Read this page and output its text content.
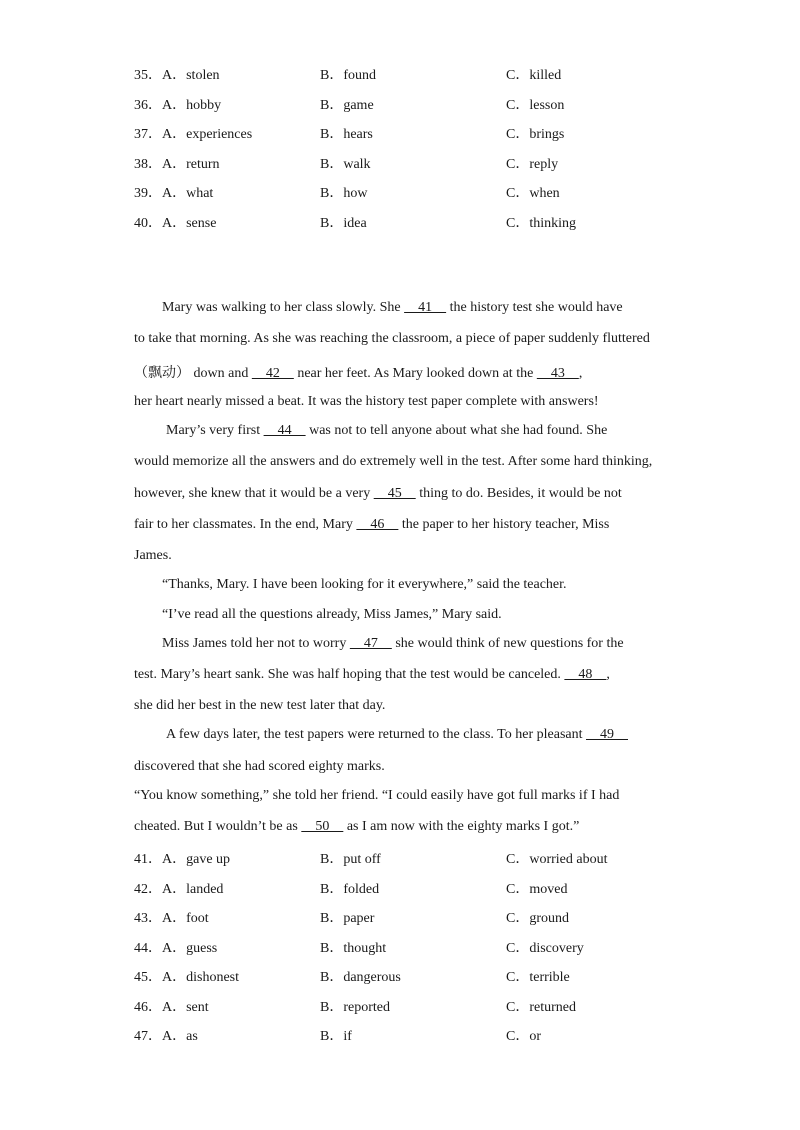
35．A．stolen	B．found	C．killed
36．A．hobby	B．game	C．lesson
37．A．experiences	B．hears	C．brings
38．A．return	B．walk	C．reply
39．A．what	B．how	C．when
40．A．sense	B．idea	C．thinking
Mary was walking to her class slowly. She     41     the history test she would have
to take that morning. As she was reaching the classroom, a piece of paper suddenly fluttered
（飘动） down and     42     near her feet. As Mary looked down at the     43    ,
her heart nearly missed a beat. It was the history test paper complete with answers!
Mary’s very first     44     was not to tell anyone about what she had found. She
would memorize all the answers and do extremely well in the test. After some hard thinking,
however, she knew that it would be a very     45     thing to do. Besides, it would be not
fair to her classmates. In the end, Mary     46     the paper to her history teacher, Miss
James.
“Thanks, Mary. I have been looking for it everywhere,” said the teacher.
“I’ve read all the questions already, Miss James,” Mary said.
Miss James told her not to worry     47     she would think of new questions for the
test. Mary’s heart sank. She was half hoping that the test would be canceled.     48    ,
she did her best in the new test later that day.
A few days later, the test papers were returned to the class. To her pleasant     49
discovered that she had scored eighty marks.
“You know something,” she told her friend. “I could easily have got full marks if I had
cheated. But I wouldn’t be as     50     as I am now with the eighty marks I got.”
41．A．gave up	B．put off	C．worried about
42．A．landed	B．folded	C．moved
43．A．foot	B．paper	C．ground
44．A．guess	B．thought	C．discovery
45．A．dishonest	B．dangerous	C．terrible
46．A．sent	B．reported	C．returned
47．A．as	B．if	C．or
